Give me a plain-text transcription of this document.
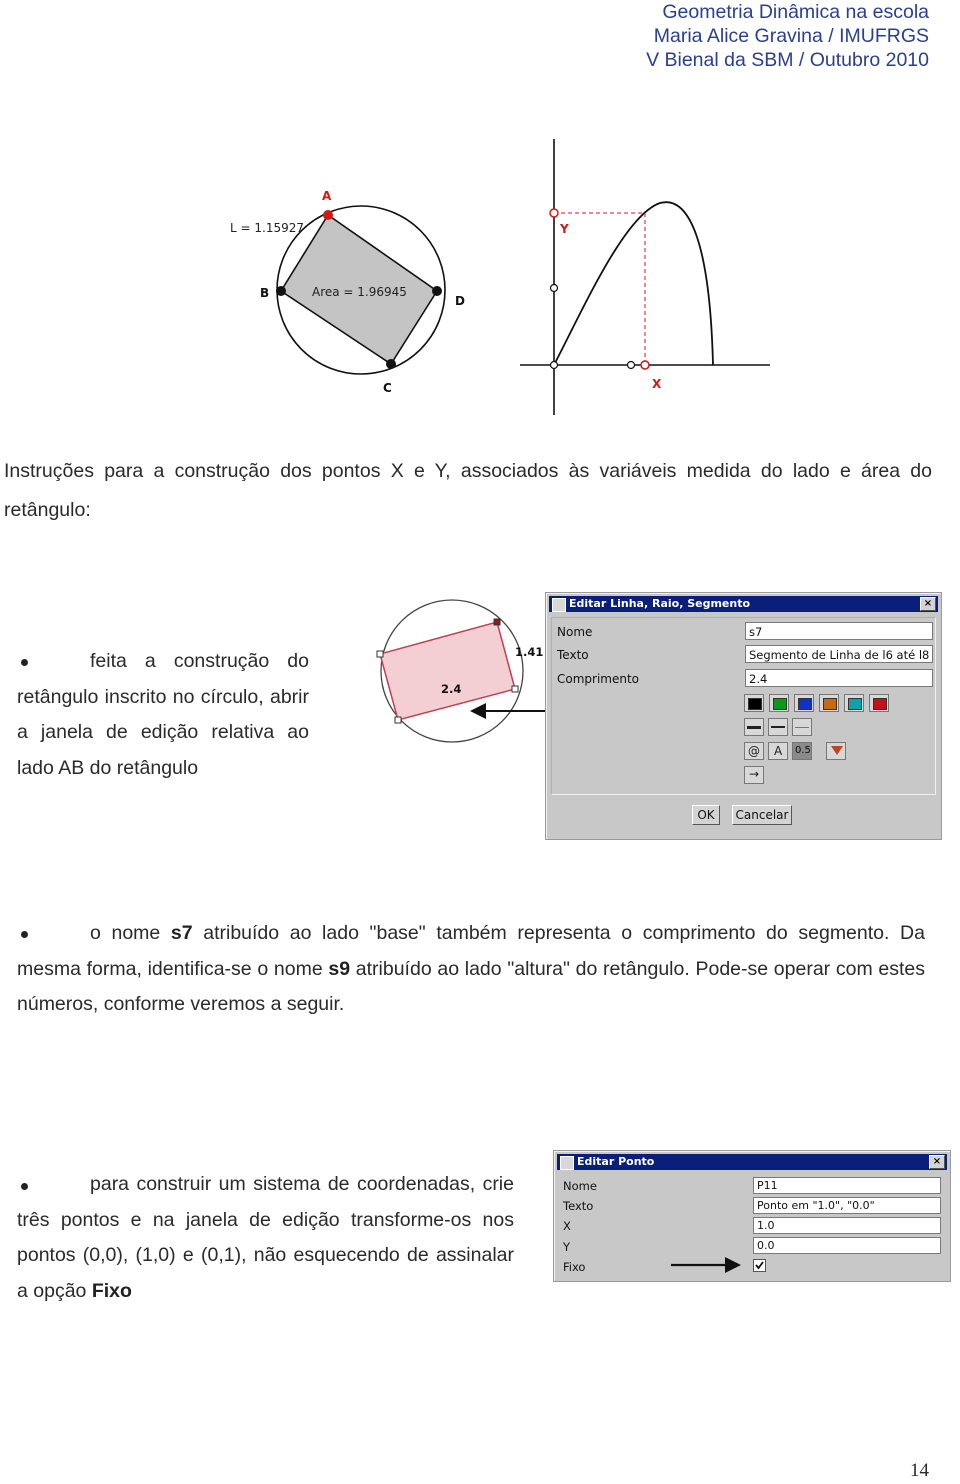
Geometria Dinâmica na escola
Maria Alice Gravina / IMUFRGS
V Bienal da SBM / Outubro 2010
A
B
C
D
L = 1.15927
Area = 1.96945
Y
X
Instruções para a construção dos pontos X e Y, associados às variáveis medida do lado e área do retângulo:
feita a construção do retângulo inscrito no círculo, abrir a janela de edição relativa ao lado AB do retângulo
1.41
2.4
Editar Linha, Raio, Segmento	×
Nome	s7
Texto	Segmento de Linha de l6 até l8
Comprimento	2.4
@ A 0.5
→
OK	Cancelar
o nome s7 atribuído ao lado "base" também representa o comprimento do segmento. Da mesma forma, identifica-se o nome s9 atribuído ao lado "altura" do retângulo. Pode-se operar com estes números, conforme veremos a seguir.
para construir um sistema de coordenadas, crie três pontos e na janela de edição transforme-os nos pontos (0,0), (1,0) e (0,1), não esquecendo de assinalar a opção Fixo
Editar Ponto	×
Nome	P11
Texto	Ponto em "1.0", "0.0"
X	1.0
Y	0.0
Fixo
14
